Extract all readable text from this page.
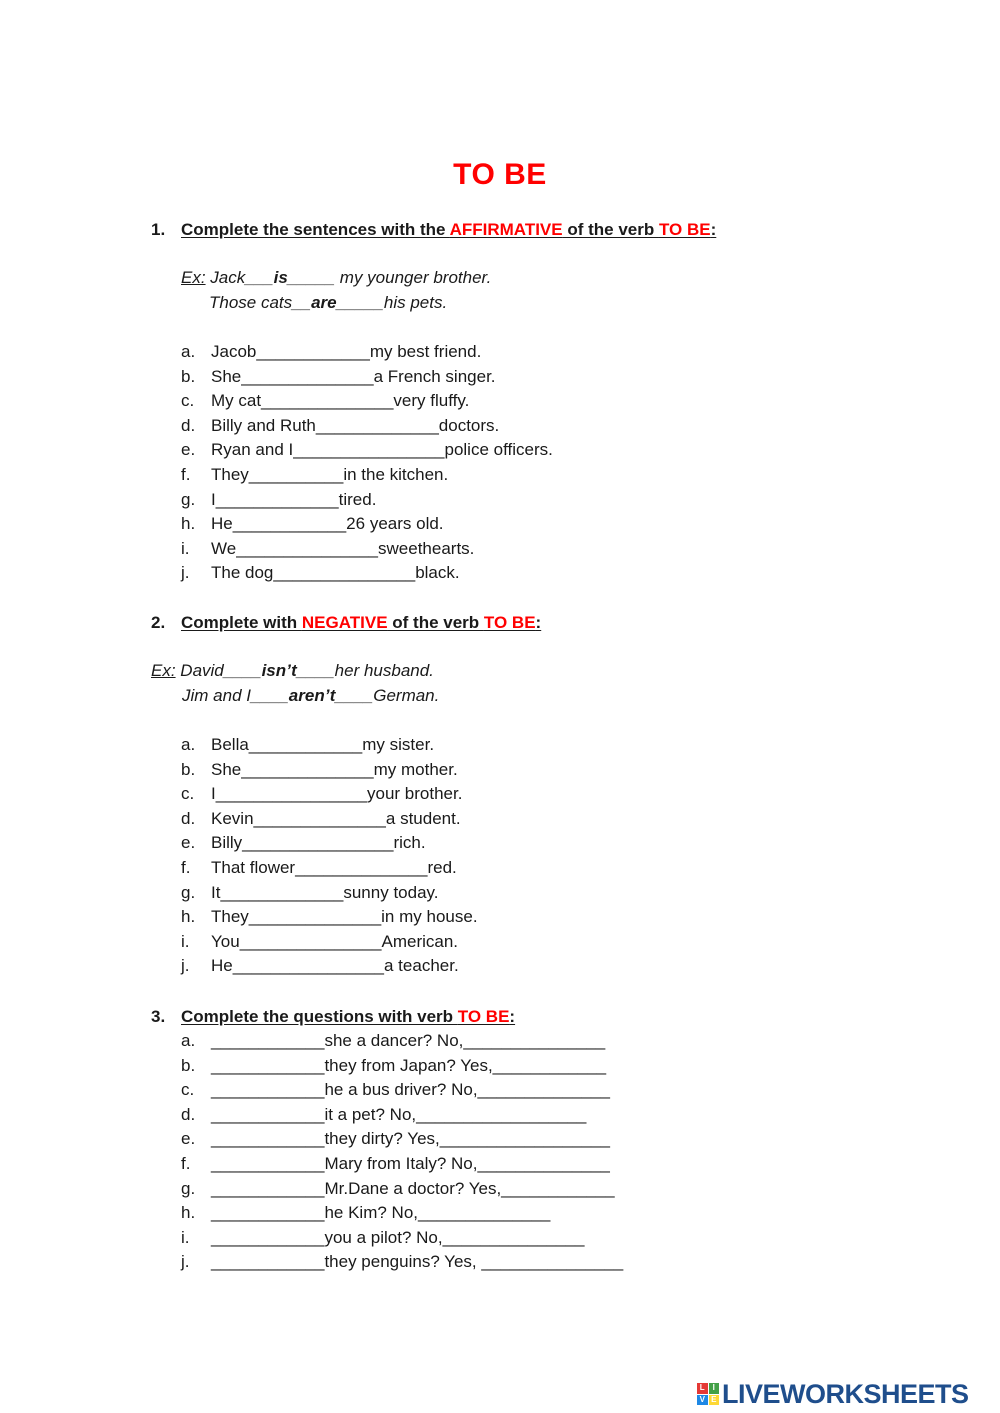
TO BE
1. Complete the sentences with the AFFIRMATIVE of the verb TO BE:
Ex: Jack___is_____ my younger brother.
Those cats__are_____his pets.
a. Jacob____________my best friend.
b. She______________a French singer.
c. My cat______________very fluffy.
d. Billy and Ruth_____________doctors.
e. Ryan and I________________police officers.
f. They__________in the kitchen.
g. I_____________tired.
h. He____________26 years old.
i. We_______________sweethearts.
j. The dog_______________black.
2. Complete with NEGATIVE of the verb TO BE:
Ex: David____isn’t____her husband.
Jim and I____aren’t____German.
a. Bella____________my sister.
b. She______________my mother.
c. I________________your brother.
d. Kevin______________a student.
e. Billy________________rich.
f. That flower______________red.
g. It_____________sunny today.
h. They______________in my house.
i. You_______________American.
j. He________________a teacher.
3. Complete the questions with verb TO BE:
a. ____________she a dancer? No,_______________
b. ____________they from Japan? Yes,____________
c. ____________he a bus driver? No,______________
d. ____________it a pet? No,__________________
e. ____________they dirty? Yes,__________________
f. ____________Mary from Italy? No,______________
g. ____________Mr.Dane a doctor? Yes,____________
h. ____________he Kim? No,______________
i. ____________you a pilot? No,_______________
j. ____________they penguins? Yes, _______________
L I
V E LIVEWORKSHEETS
